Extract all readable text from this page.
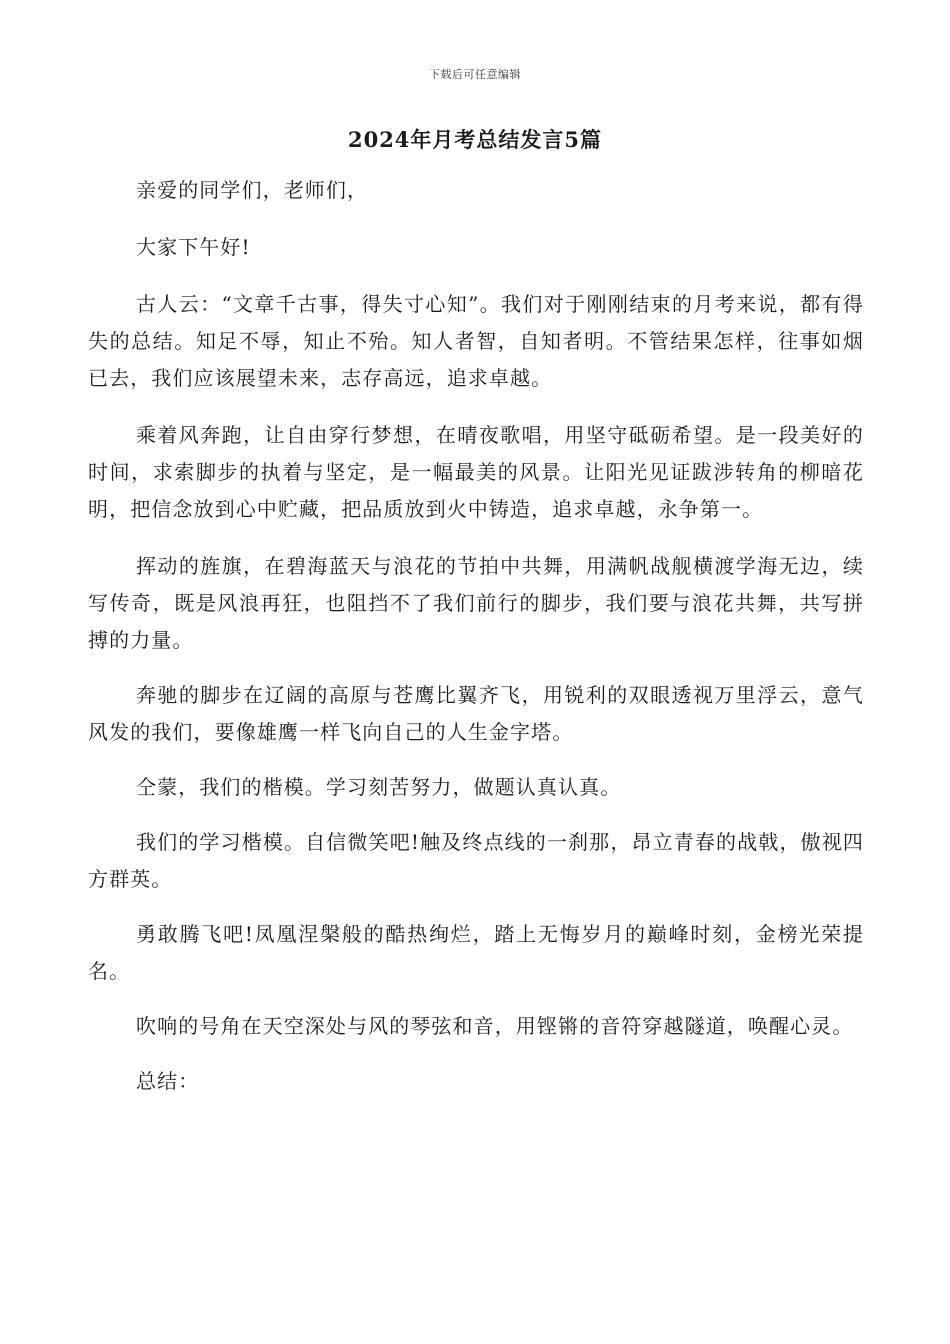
下载后可任意编辑
2024年月考总结发言5篇

亲爱的同学们，老师们，

大家下午好!

古人云：“文章千古事，得失寸心知”。我们对于刚刚结束的月考来说，都有得失的总结。知足不辱，知止不殆。知人者智，自知者明。不管结果怎样，往事如烟已去，我们应该展望未来，志存高远，追求卓越。

乘着风奔跑，让自由穿行梦想，在晴夜歌唱，用坚守砥砺希望。是一段美好的时间，求索脚步的执着与坚定，是一幅最美的风景。让阳光见证跋涉转角的柳暗花明，把信念放到心中贮藏，把品质放到火中铸造，追求卓越，永争第一。

挥动的旌旗，在碧海蓝天与浪花的节拍中共舞，用满帆战舰横渡学海无边，续写传奇，既是风浪再狂，也阻挡不了我们前行的脚步，我们要与浪花共舞，共写拼搏的力量。

奔驰的脚步在辽阔的高原与苍鹰比翼齐飞，用锐利的双眼透视万里浮云，意气风发的我们，要像雄鹰一样飞向自己的人生金字塔。

仝蒙，我们的楷模。学习刻苦努力，做题认真认真。

我们的学习楷模。自信微笑吧!触及终点线的一刹那，昂立青春的战戟，傲视四方群英。

勇敢腾飞吧!凤凰涅槃般的酷热绚烂，踏上无悔岁月的巅峰时刻，金榜光荣提名。

吹响的号角在天空深处与风的琴弦和音，用铿锵的音符穿越隧道，唤醒心灵。

总结：
